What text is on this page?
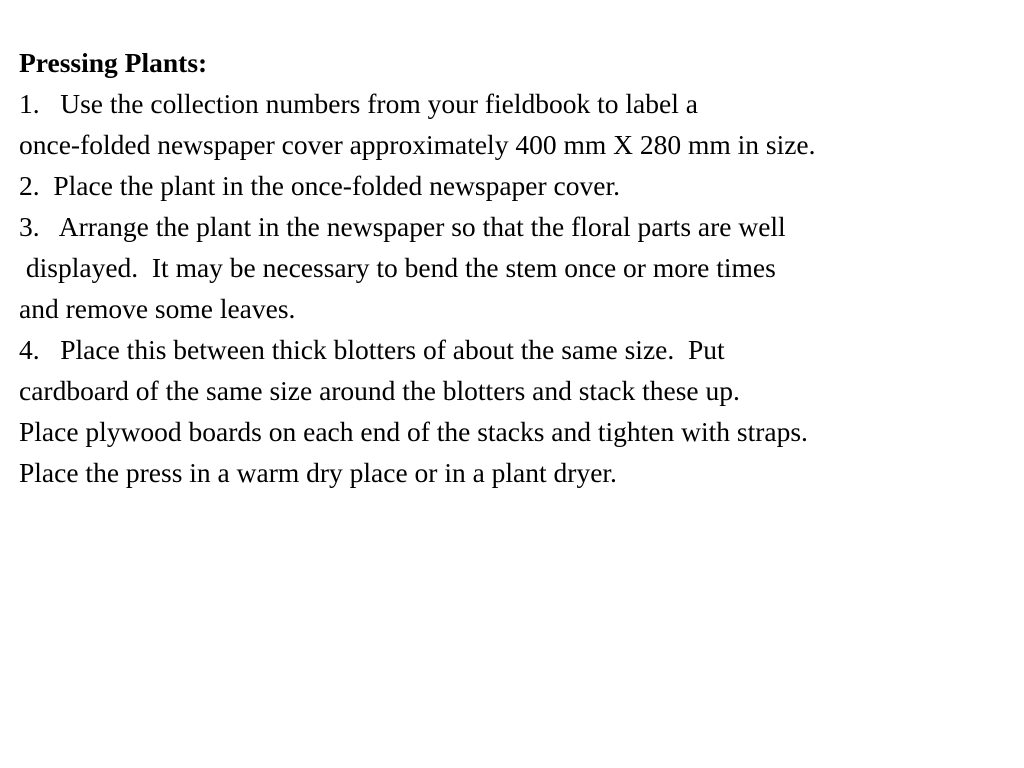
Pressing Plants:
1.   Use the collection numbers from your fieldbook to label a
once-folded newspaper cover approximately 400 mm X 280 mm in size.
2.  Place the plant in the once-folded newspaper cover.
3.   Arrange the plant in the newspaper so that the floral parts are well
displayed.  It may be necessary to bend the stem once or more times
and remove some leaves.
4.   Place this between thick blotters of about the same size.  Put
cardboard of the same size around the blotters and stack these up.
Place plywood boards on each end of the stacks and tighten with straps.
Place the press in a warm dry place or in a plant dryer.
